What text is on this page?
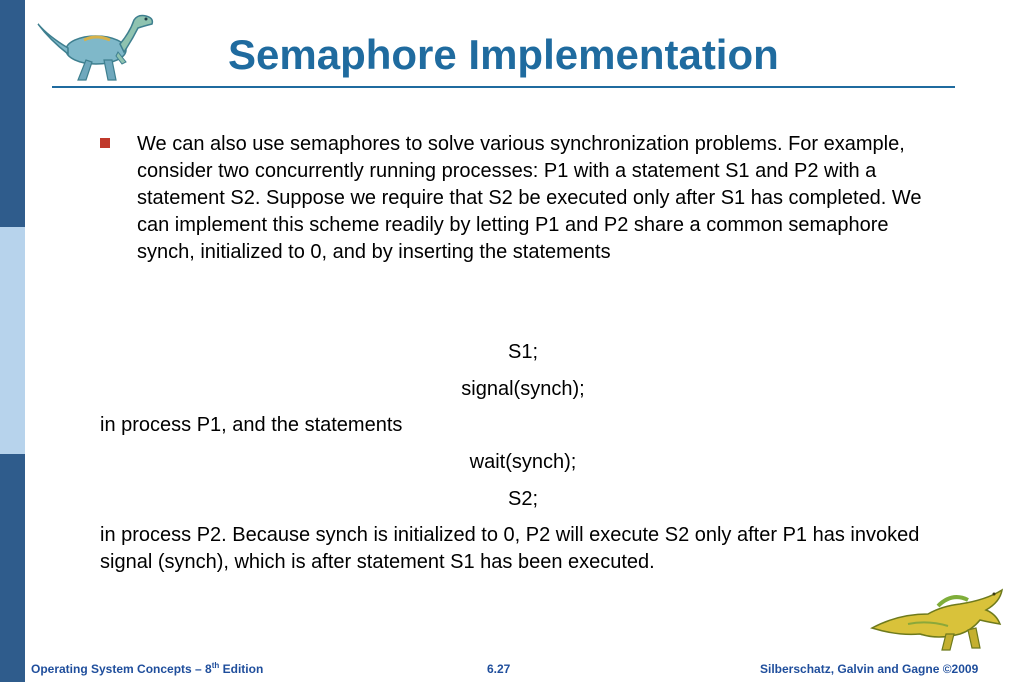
Semaphore Implementation

We can also use semaphores to solve various synchronization problems. For example, consider two concurrently running processes: P1 with a statement S1 and P2 with a statement S2. Suppose we require that S2 be executed only after S1 has completed. We can implement this scheme readily by letting P1 and P2 share a common semaphore synch, initialized to 0, and by inserting the statements

S1;

signal(synch);

in process P1, and the statements

wait(synch);

S2;

in process P2. Because synch is initialized to 0, P2 will execute S2 only after P1 has invoked signal (synch), which is after statement S1 has been executed.

Operating System Concepts – 8th Edition	6.27	Silberschatz, Galvin and Gagne ©2009
